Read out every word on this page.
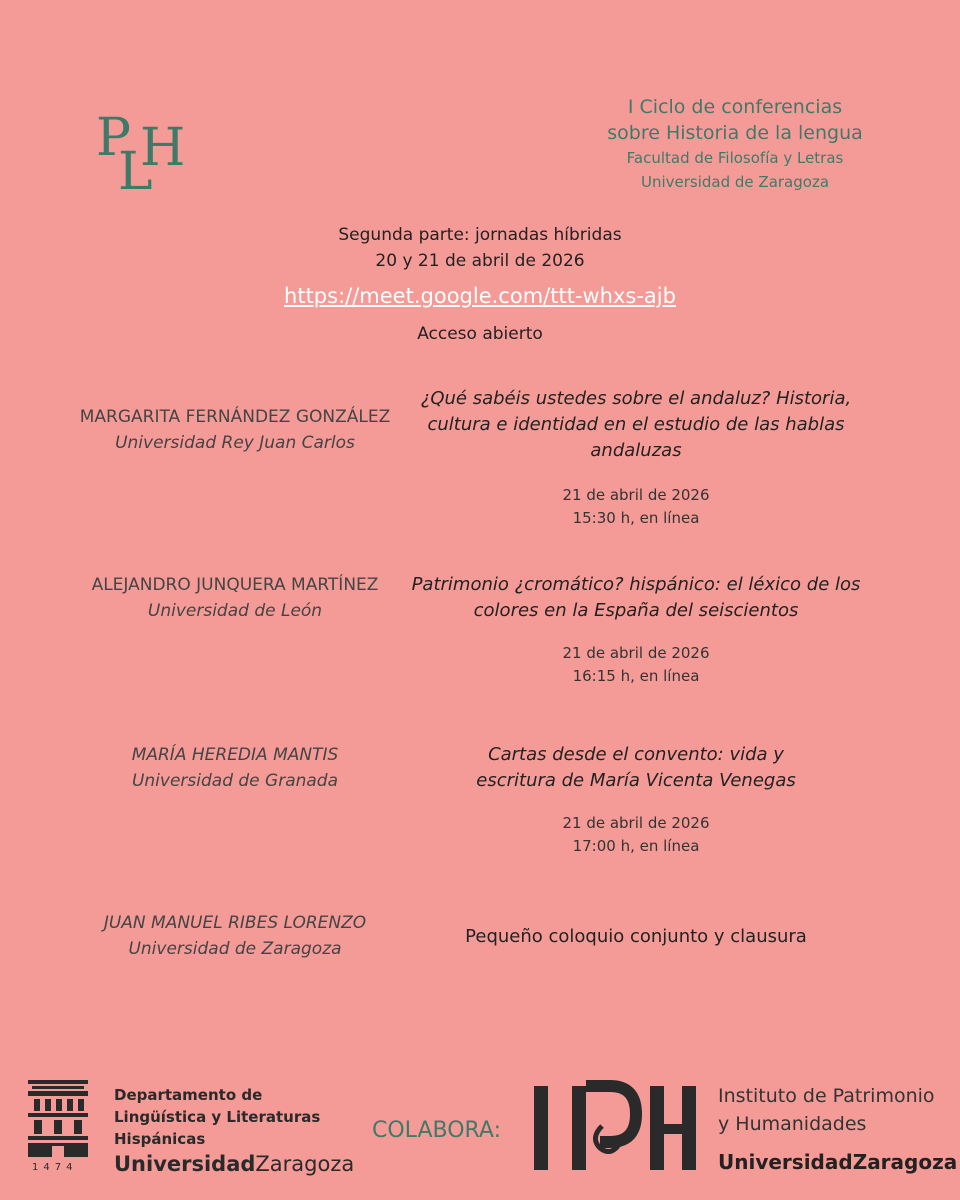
P
L
H
I Ciclo de conferencias
sobre Historia de la lengua
Facultad de Filosofía y Letras
Universidad de Zaragoza
Segunda parte: jornadas híbridas
20 y 21 de abril de 2026
https://meet.google.com/ttt-whxs-ajb
Acceso abierto
MARGARITA FERNÁNDEZ GONZÁLEZ
Universidad Rey Juan Carlos
¿Qué sabéis ustedes sobre el andaluz? Historia,
cultura e identidad en el estudio de las hablas
andaluzas
21 de abril de 2026
15:30 h, en línea
ALEJANDRO JUNQUERA MARTÍNEZ
Universidad de León
Patrimonio ¿cromático? hispánico: el léxico de los
colores en la España del seiscientos
21 de abril de 2026
16:15 h, en línea
MARÍA HEREDIA MANTIS
Universidad de Granada
Cartas desde el convento: vida y
escritura de María Vicenta Venegas
21 de abril de 2026
17:00 h, en línea
JUAN MANUEL RIBES LORENZO
Universidad de Zaragoza
Pequeño coloquio conjunto y clausura
Departamento de
Lingüística y Literaturas
Hispánicas
UniversidadZaragoza
1474
COLABORA:
Instituto de Patrimonio
y Humanidades
UniversidadZaragoza
